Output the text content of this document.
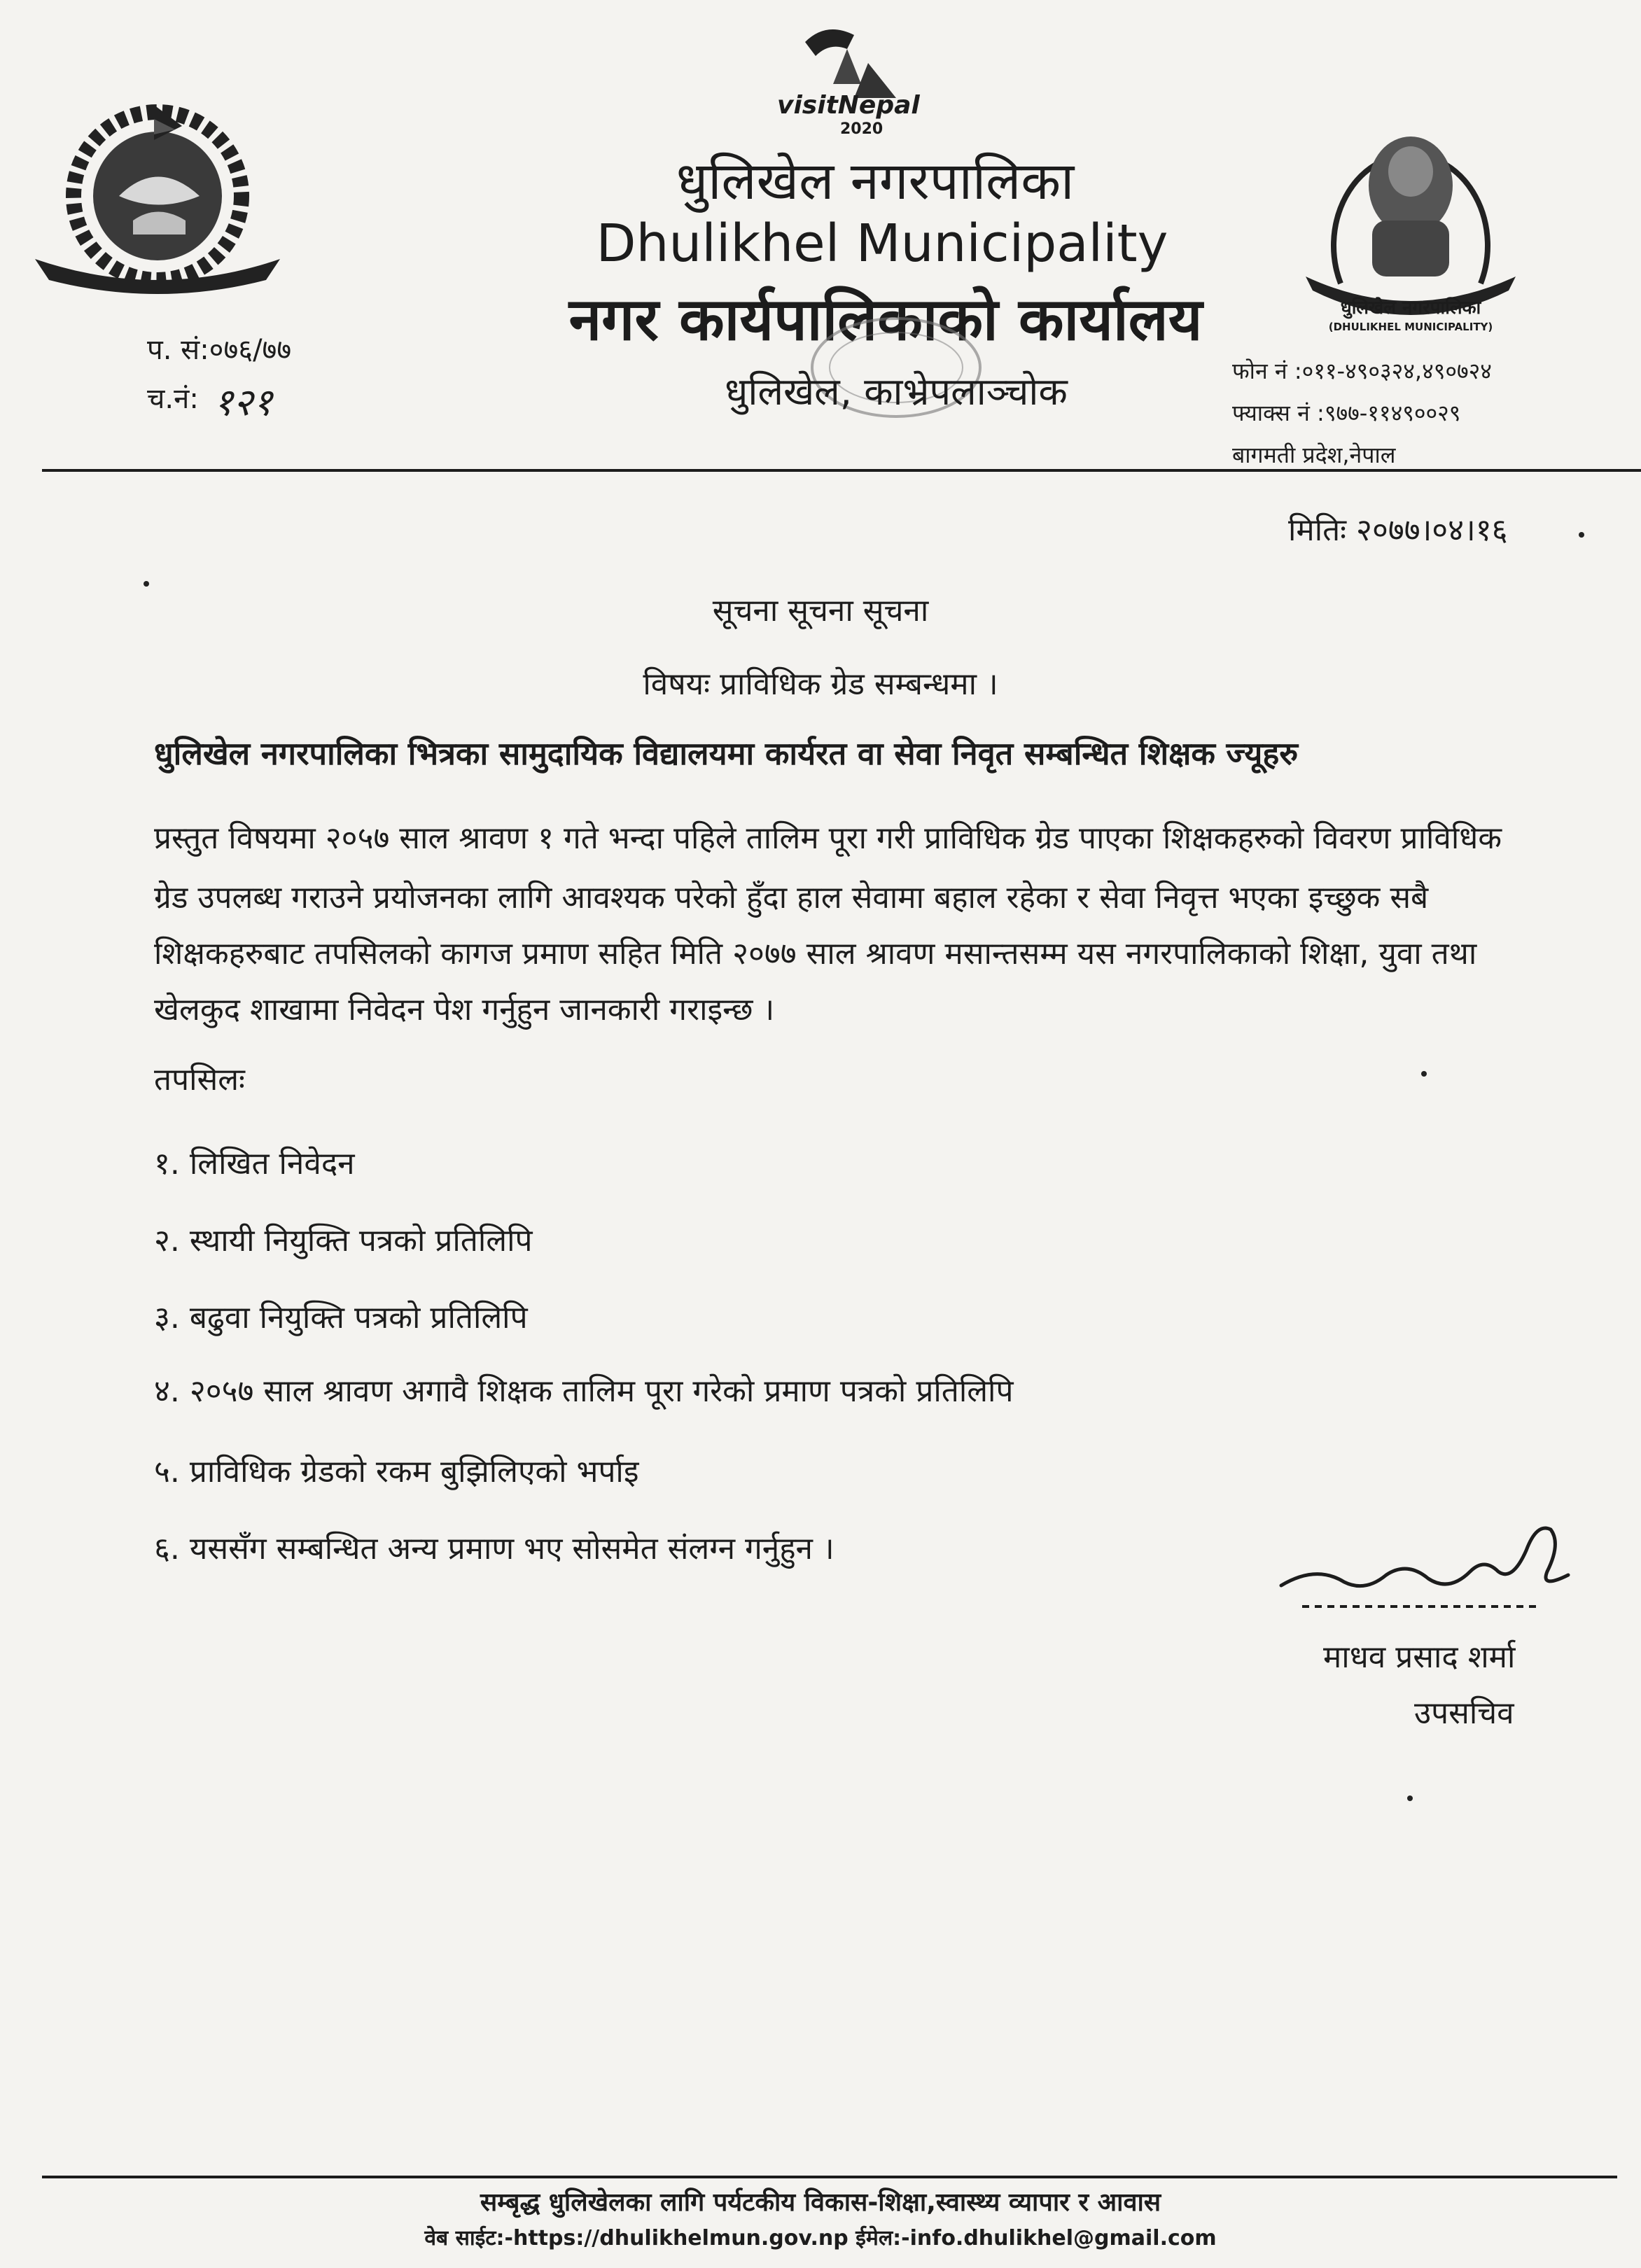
visitNepal
2020
धुलिखेल नगरपालिका
Dhulikhel Municipality
नगर कार्यपालिकाको कार्यालय
धुलिखेल, काभ्रेपलाञ्चोक
प. सं:०७६/७७
च.नं: १२१
धुलिखेल नगरपालिका
(DHULIKHEL MUNICIPALITY)
फोन नं :०११-४९०३२४,४९०७२४
फ्याक्स नं :९७७-११४९००२९
बागमती प्रदेश,नेपाल
मितिः २०७७।०४।१६
सूचना सूचना सूचना
विषयः प्राविधिक ग्रेड सम्बन्धमा ।
धुलिखेल नगरपालिका भित्रका सामुदायिक विद्यालयमा कार्यरत वा सेवा निवृत सम्बन्धित शिक्षक ज्यूहरु
प्रस्तुत विषयमा २०५७ साल श्रावण १ गते भन्दा पहिले तालिम पूरा गरी प्राविधिक ग्रेड पाएका शिक्षकहरुको विवरण प्राविधिक
ग्रेड उपलब्ध गराउने प्रयोजनका लागि आवश्यक परेको हुँदा हाल सेवामा बहाल रहेका र सेवा निवृत्त भएका इच्छुक सबै
शिक्षकहरुबाट तपसिलको कागज प्रमाण सहित मिति २०७७ साल श्रावण मसान्तसम्म यस नगरपालिकाको शिक्षा, युवा तथा
खेलकुद शाखामा निवेदन पेश गर्नुहुन जानकारी गराइन्छ ।
तपसिलः
१. लिखित निवेदन
२. स्थायी नियुक्ति पत्रको प्रतिलिपि
३. बढुवा नियुक्ति पत्रको प्रतिलिपि
४. २०५७ साल श्रावण अगावै शिक्षक तालिम पूरा गरेको प्रमाण पत्रको प्रतिलिपि
५. प्राविधिक ग्रेडको रकम बुझिलिएको भर्पाइ
६. यससँग सम्बन्धित अन्य प्रमाण भए सोसमेत संलग्न गर्नुहुन ।
माधव प्रसाद शर्मा
उपसचिव
सम्बृद्ध धुलिखेलका लागि पर्यटकीय विकास-शिक्षा,स्वास्थ्य व्यापार र आवास
वेब साईट:-https://dhulikhelmun.gov.np ईमेल:-info.dhulikhel@gmail.com
